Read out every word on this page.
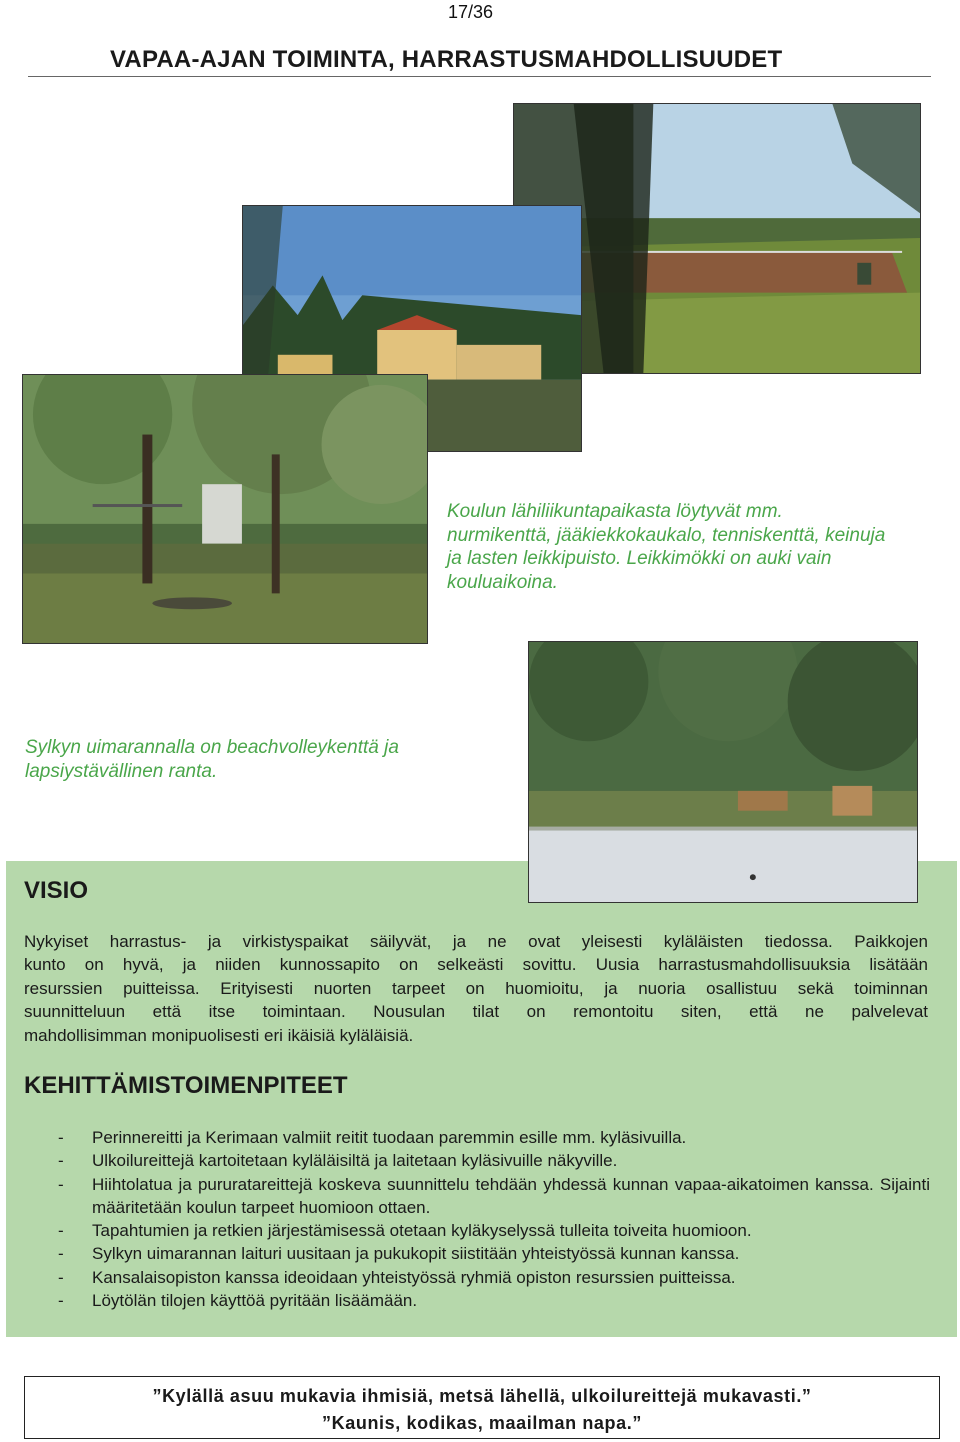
17/36
VAPAA-AJAN TOIMINTA, HARRASTUSMAHDOLLISUUDET
Koulun lähiliikuntapaikasta löytyvät mm.
nurmikenttä, jääkiekkokaukalo, tenniskenttä, keinuja
ja lasten leikkipuisto. Leikkimökki on auki vain
kouluaikoina.
Sylkyn uimarannalla on beachvolleykenttä ja
lapsiystävällinen ranta.
VISIO
Nykyiset harrastus- ja virkistyspaikat säilyvät, ja ne ovat yleisesti kyläläisten tiedossa. Paikkojen
kunto on hyvä, ja niiden kunnossapito on selkeästi sovittu. Uusia harrastusmahdollisuuksia lisätään
resurssien puitteissa. Erityisesti nuorten tarpeet on huomioitu, ja nuoria osallistuu sekä toiminnan
suunnitteluun että itse toimintaan. Nousulan tilat on remontoitu siten, että ne palvelevat
mahdollisimman monipuolisesti eri ikäisiä kyläläisiä.
KEHITTÄMISTOIMENPITEET
- Perinnereitti ja Kerimaan valmiit reitit tuodaan paremmin esille mm. kyläsivuilla.
- Ulkoilureittejä kartoitetaan kyläläisiltä ja laitetaan kyläsivuille näkyville.
- Hiihtolatua ja pururatareittejä koskeva suunnittelu tehdään yhdessä kunnan vapaa-aikatoimen kanssa. Sijainti määritetään koulun tarpeet huomioon ottaen.
- Tapahtumien ja retkien järjestämisessä otetaan kyläkyselyssä tulleita toiveita huomioon.
- Sylkyn uimarannan laituri uusitaan ja pukukopit siistitään yhteistyössä kunnan kanssa.
- Kansalaisopiston kanssa ideoidaan yhteistyössä ryhmiä opiston resurssien puitteissa.
- Löytölän tilojen käyttöä pyritään lisäämään.
”Kylällä asuu mukavia ihmisiä, metsä lähellä, ulkoilureittejä mukavasti.”
”Kaunis, kodikas, maailman napa.”
